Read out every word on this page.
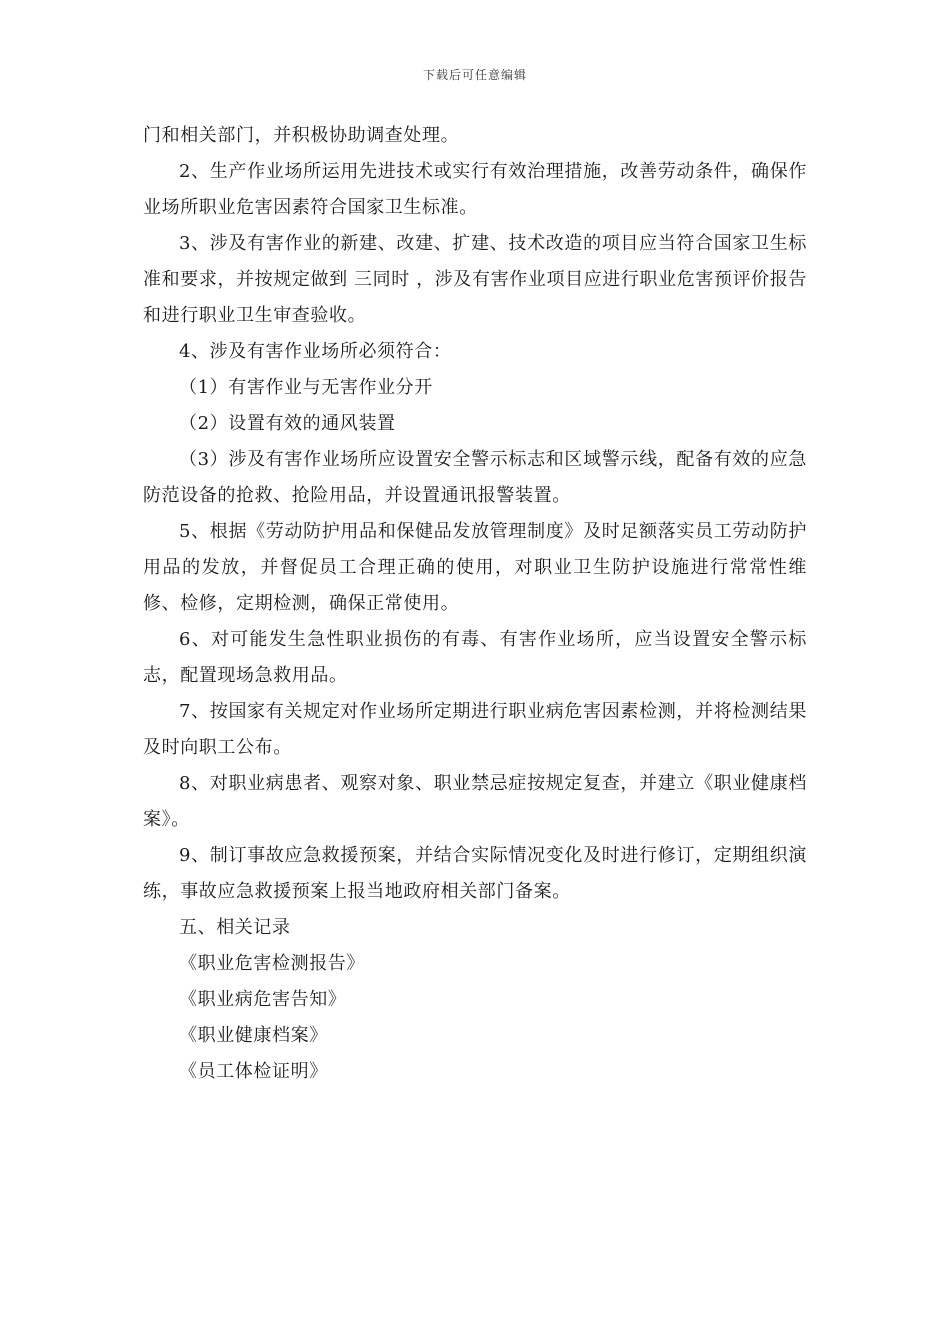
下载后可任意编辑

门和相关部门，并积极协助调查处理。

2、生产作业场所运用先进技术或实行有效治理措施，改善劳动条件，确保作业场所职业危害因素符合国家卫生标准。

3、涉及有害作业的新建、改建、扩建、技术改造的项目应当符合国家卫生标准和要求，并按规定做到 三同时 ，涉及有害作业项目应进行职业危害预评价报告和进行职业卫生审查验收。

4、涉及有害作业场所必须符合：

（1）有害作业与无害作业分开

（2）设置有效的通风装置

（3）涉及有害作业场所应设置安全警示标志和区域警示线，配备有效的应急防范设备的抢救、抢险用品，并设置通讯报警装置。

5、根据《劳动防护用品和保健品发放管理制度》及时足额落实员工劳动防护用品的发放，并督促员工合理正确的使用，对职业卫生防护设施进行常常性维修、检修，定期检测，确保正常使用。

6、对可能发生急性职业损伤的有毒、有害作业场所，应当设置安全警示标志，配置现场急救用品。

7、按国家有关规定对作业场所定期进行职业病危害因素检测，并将检测结果及时向职工公布。

8、对职业病患者、观察对象、职业禁忌症按规定复查，并建立《职业健康档案》。

9、制订事故应急救援预案，并结合实际情况变化及时进行修订，定期组织演练，事故应急救援预案上报当地政府相关部门备案。

五、相关记录

《职业危害检测报告》

《职业病危害告知》

《职业健康档案》

《员工体检证明》
